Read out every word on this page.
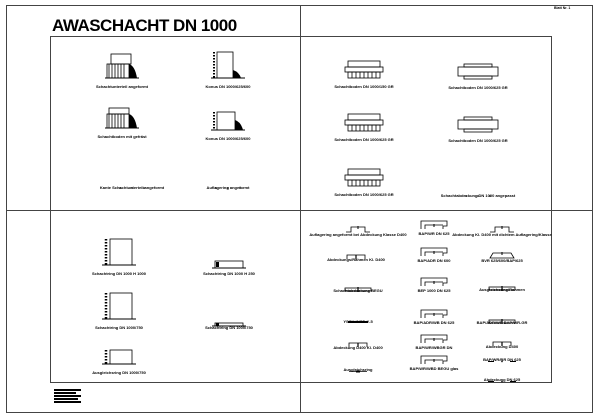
AWASCHACHT DN 1000
Blatt Nr. 1
Schachtunterteil angeformt	Konus DN 1000/625/600
Schachtboden mit gefräst	Konus DN 1000/625/600
Kante Schachtunterteil angeformt	Auflagering angeformt
Schachtboden DN 1000/150 GR	Schachtboden DN 1000/625 GR
Schachtboden DN 1000/625 GR	Schachtboden DN 1000/625 GR
Schachtboden DN 1000/625 GR	Schachtabdeckung DN 1000 angepasst
Schachtring DN 1000 H 1000	Schachtring DN 1000 H 250
Schachtring DN 1000/750	Schachtring DN 1000/750
Ausgleichsring DN 1000/750
Auflagering angeformt bei Abdeckung Klasse D400	BAP/WR DN 625 Abdeckung Kl. D400 mit dichtem Auflagering/Klasse
Abdeckungs/Rahmen Kl. D400	BAP/ADR DN 600	BVR 625/600/BAP/625
Schachtabdeckung BEGU	BEP 1000 DN 625	Ausgleichsring/Rahmen
YSCH-WCD-Y-5	BAP/ADR/WB DN 625	BAP/ADR/WR BAP/WR-GR
Abdeckung D400 Kl. D400	BAP/WR/WBGR DN	Abdeckung D400
Ausgleichsring	BAP/WR/WBD BEGU glas
BAP/WR/BR DN 625
Abdeckung DN 625
